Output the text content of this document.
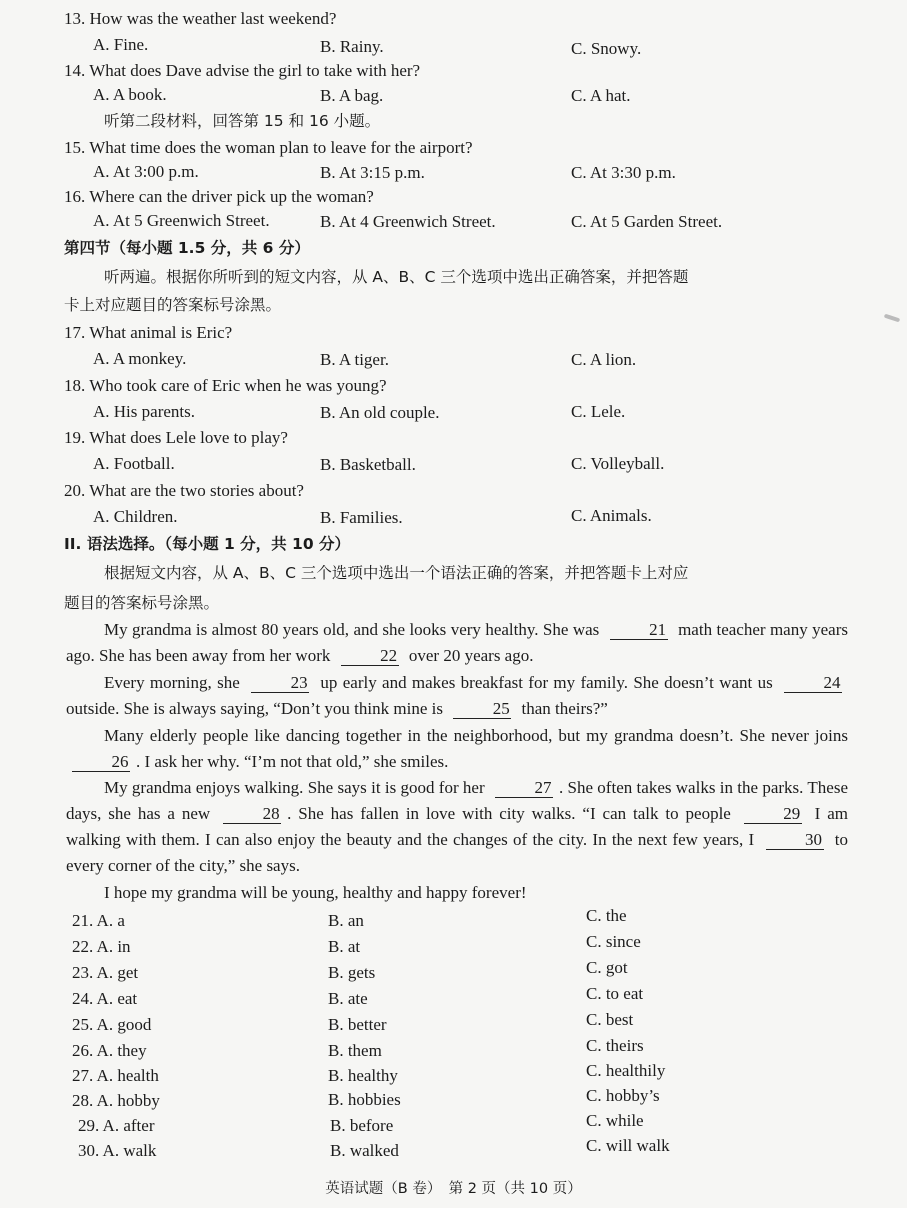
13. How was the weather last weekend?
A. Fine.	B. Rainy.	C. Snowy.
14. What does Dave advise the girl to take with her?
A. A book.	B. A bag.	C. A hat.
听第二段材料，回答第 15 和 16 小题。
15. What time does the woman plan to leave for the airport?
A. At 3:00 p.m.	B. At 3:15 p.m.	C. At 3:30 p.m.
16. Where can the driver pick up the woman?
A. At 5 Greenwich Street.	B. At 4 Greenwich Street.	C. At 5 Garden Street.
第四节（每小题 1.5 分，共 6 分）
听两遍。根据你所听到的短文内容，从 A、B、C 三个选项中选出正确答案，并把答题
卡上对应题目的答案标号涂黑。
17. What animal is Eric?
A. A monkey.	B. A tiger.	C. A lion.
18. Who took care of Eric when he was young?
A. His parents.	B. An old couple.	C. Lele.
19. What does Lele love to play?
A. Football.	B. Basketball.	C. Volleyball.
20. What are the two stories about?
A. Children.	B. Families.	C. Animals.
II. 语法选择。（每小题 1 分，共 10 分）
根据短文内容，从 A、B、C 三个选项中选出一个语法正确的答案，并把答题卡上对应
题目的答案标号涂黑。
My grandma is almost 80 years old, and she looks very healthy. She was	21 math teacher many years ago. She has been away from her work	22 over 20 years ago.
Every morning, she	23 up early and makes breakfast for my family. She doesn’t want us	24 outside. She is always saying, “Don’t you think mine is	25 than theirs?”
Many elderly people like dancing together in the neighborhood, but my grandma doesn’t. She never joins 26 . I ask her why. “I’m not that old,” she smiles.
My grandma enjoys walking. She says it is good for her	27 . She often takes walks in the parks. These days, she has a new	28 . She has fallen in love with city walks. “I can talk to people	29 I am walking with them. I can also enjoy the beauty and the changes of the city. In the next few years, I	30 to every corner of the city,” she says.
I hope my grandma will be young, healthy and happy forever!
21. A. a	B. an	C. the
22. A. in	B. at	C. since
23. A. get	B. gets	C. got
24. A. eat	B. ate	C. to eat
25. A. good	B. better	C. best
26. A. they	B. them	C. theirs
27. A. health	B. healthy	C. healthily
28. A. hobby	B. hobbies	C. hobby’s
29. A. after	B. before	C. while
30. A. walk	B. walked	C. will walk
英语试题（B 卷）　第 2 页（共 10 页）
